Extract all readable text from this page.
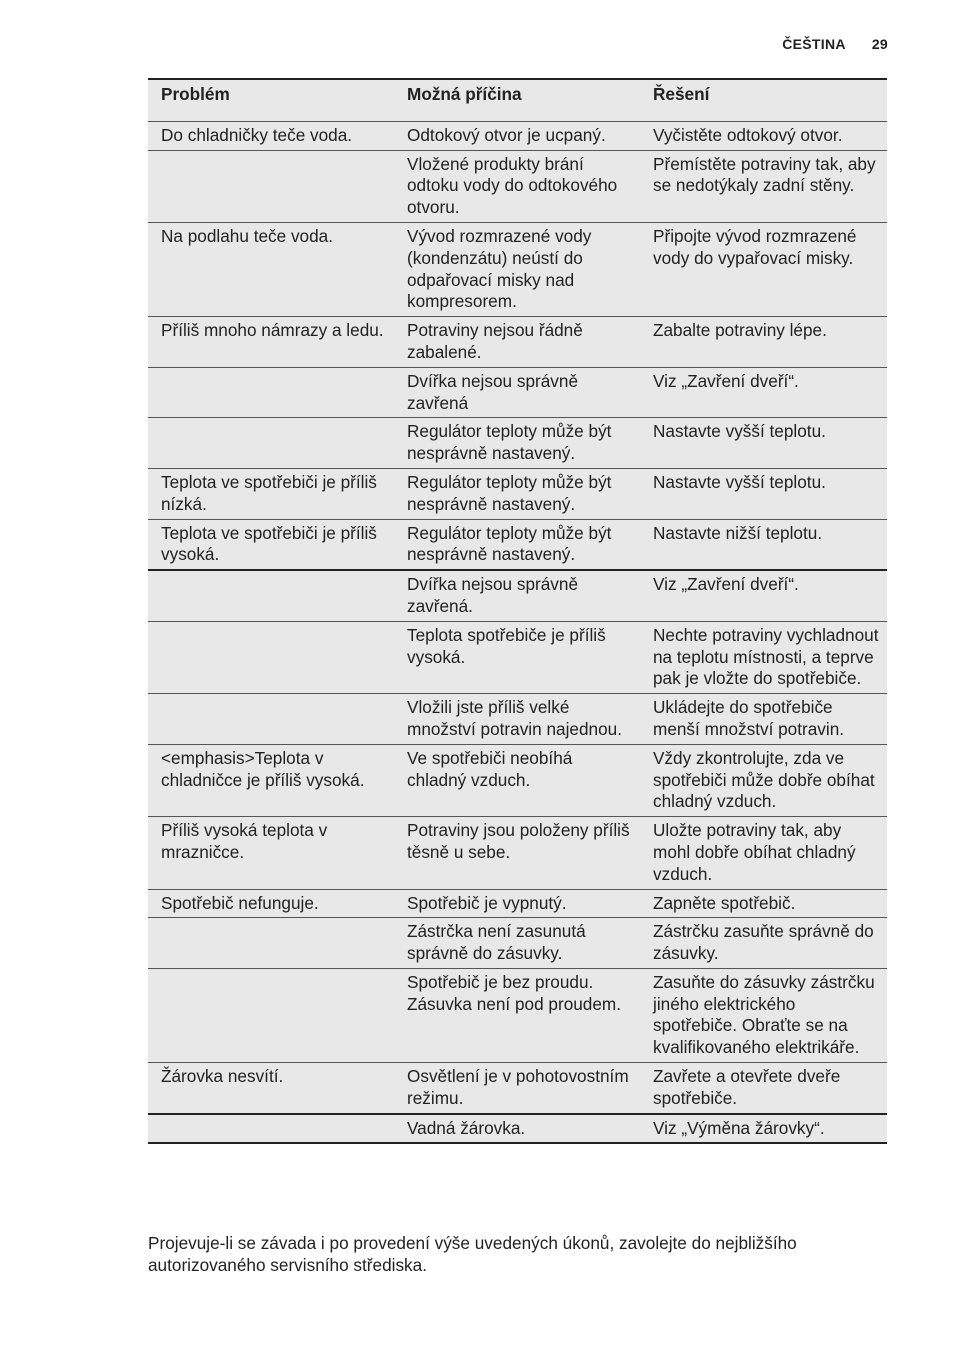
ČEŠTINA 29
Problém	Možná příčina	Řešení
Do chladničky teče voda.	Odtokový otvor je ucpaný.	Vyčistěte odtokový otvor.
	Vložené produkty brání odtoku vody do odtokového otvoru.	Přemístěte potraviny tak, aby se nedotýkaly zadní stěny.
Na podlahu teče voda.	Vývod rozmrazené vody (kondenzátu) neústí do odpařovací misky nad kompresorem.	Připojte vývod rozmrazené vody do vypařovací misky.
Příliš mnoho námrazy a ledu.	Potraviny nejsou řádně zabalené.	Zabalte potraviny lépe.
	Dvířka nejsou správně zavřená	Viz „Zavření dveří“.
	Regulátor teploty může být nesprávně nastavený.	Nastavte vyšší teplotu.
Teplota ve spotřebiči je příliš nízká.	Regulátor teploty může být nesprávně nastavený.	Nastavte vyšší teplotu.
Teplota ve spotřebiči je příliš vysoká.	Regulátor teploty může být nesprávně nastavený.	Nastavte nižší teplotu.
	Dvířka nejsou správně zavřená.	Viz „Zavření dveří“.
	Teplota spotřebiče je příliš vysoká.	Nechte potraviny vychladnout na teplotu místnosti, a teprve pak je vložte do spotřebiče.
	Vložili jste příliš velké množství potravin najednou.	Ukládejte do spotřebiče menší množství potravin.
<emphasis>Teplota v chladničce je příliš vysoká.	Ve spotřebiči neobíhá chladný vzduch.	Vždy zkontrolujte, zda ve spotřebiči může dobře obíhat chladný vzduch.
Příliš vysoká teplota v mrazničce.	Potraviny jsou položeny příliš těsně u sebe.	Uložte potraviny tak, aby mohl dobře obíhat chladný vzduch.
Spotřebič nefunguje.	Spotřebič je vypnutý.	Zapněte spotřebič.
	Zástrčka není zasunutá správně do zásuvky.	Zástrčku zasuňte správně do zásuvky.
	Spotřebič je bez proudu. Zásuvka není pod proudem.	Zasuňte do zásuvky zástrčku jiného elektrického spotřebiče. Obraťte se na kvalifikovaného elektrikáře.
Žárovka nesvítí.	Osvětlení je v pohotovostním režimu.	Zavřete a otevřete dveře spotřebiče.
	Vadná žárovka.	Viz „Výměna žárovky“.

Projevuje-li se závada i po provedení výše uvedených úkonů, zavolejte do nejbližšího autorizovaného servisního střediska.
